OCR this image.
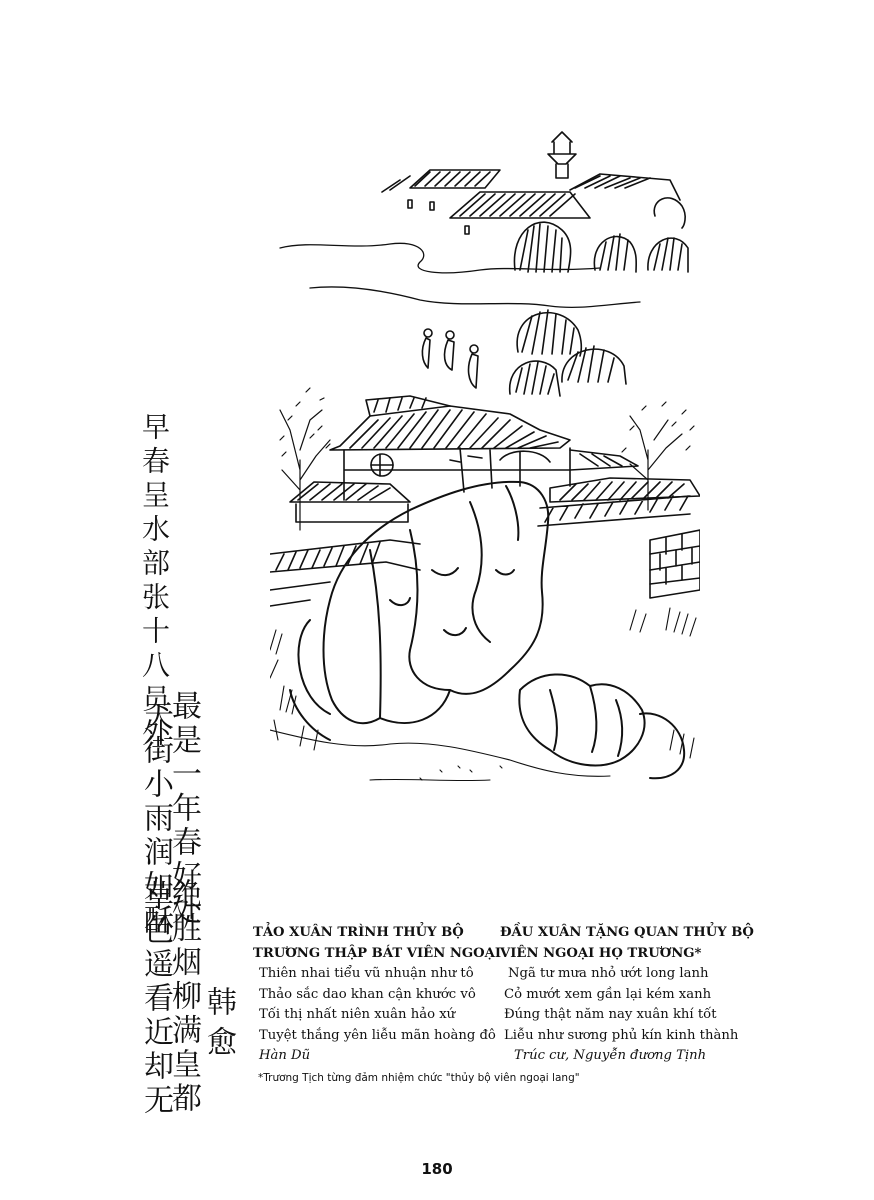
早春呈水部张十八员外
最是一年春好处
天街小雨润如酥
绝胜烟柳满皇都
草色遥看近却无 韩愈
TẢO XUÂN TRÌNH THỦY BỘ
TRƯƠNG THẬP BÁT VIÊN NGOẠI
Thiên nhai tiểu vũ nhuận như tô
Thảo sắc dao khan cận khước vô
Tối thị nhất niên xuân hảo xứ
Tuyệt thắng yên liễu mãn hoàng đô
Hàn Dũ
ĐẦU XUÂN TẶNG QUAN THỦY BỘ
VIÊN NGOẠI HỌ TRƯƠNG*
Ngã tư mưa nhỏ ướt long lanh
Cỏ mướt xem gần lại kém xanh
Đúng thật năm nay xuân khí tốt
Liễu như sương phủ kín kinh thành
Trúc cư, Nguyễn đương Tịnh
*Trương Tịch từng đảm nhiệm chức "thủy bộ viên ngoại lang"
180
